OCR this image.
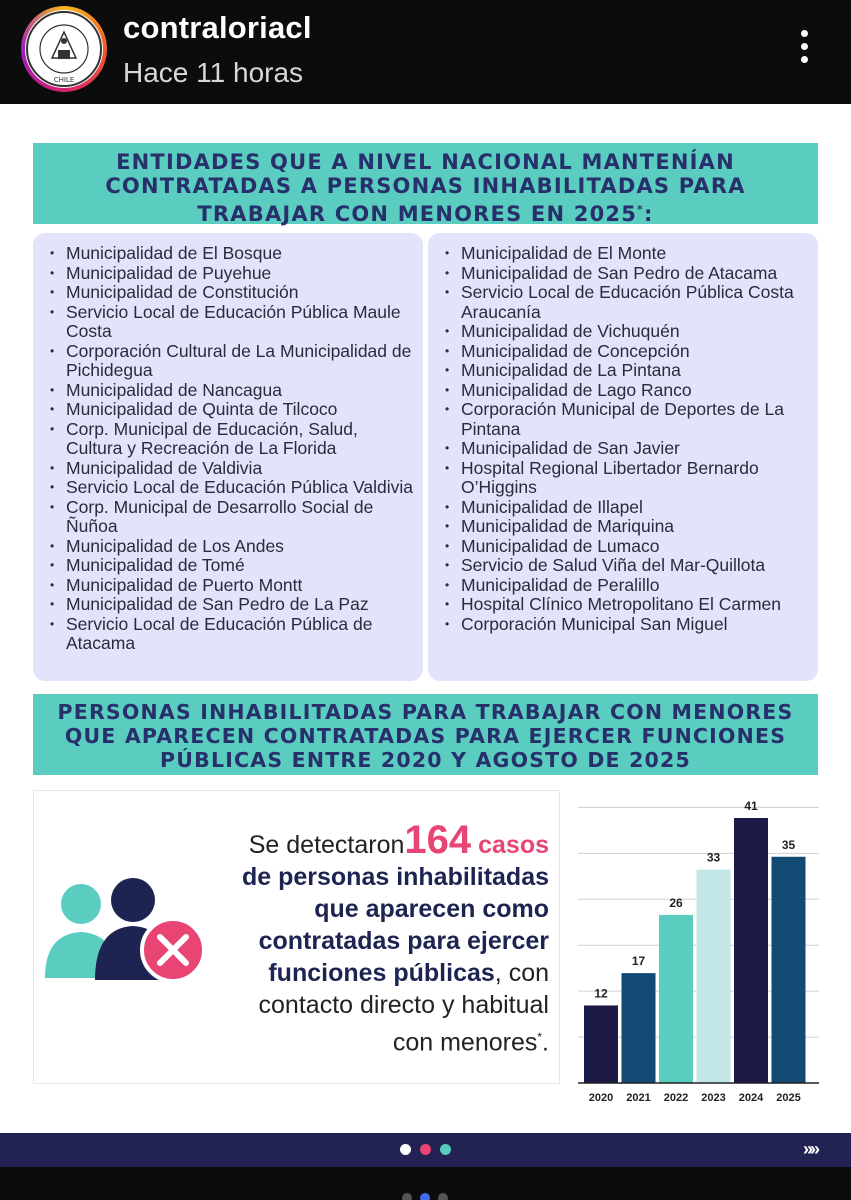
CHILE
contraloriacl
Hace 11 horas
ENTIDADES QUE A NIVEL NACIONAL MANTENÍAN
CONTRATADAS A PERSONAS INHABILITADAS PARA
TRABAJAR CON MENORES EN 2025*:
• Municipalidad de El Bosque
• Municipalidad de Puyehue
• Municipalidad de Constitución
• Servicio Local de Educación Pública Maule Costa
• Corporación Cultural de La Municipalidad de Pichidegua
• Municipalidad de Nancagua
• Municipalidad de Quinta de Tilcoco
• Corp. Municipal de Educación, Salud, Cultura y Recreación de La Florida
• Municipalidad de Valdivia
• Servicio Local de Educación Pública Valdivia
• Corp. Municipal de Desarrollo Social de Ñuñoa
• Municipalidad de Los Andes
• Municipalidad de Tomé
• Municipalidad de Puerto Montt
• Municipalidad de San Pedro de La Paz
• Servicio Local de Educación Pública de Atacama
• Municipalidad de El Monte
• Municipalidad de San Pedro de Atacama
• Servicio Local de Educación Pública Costa Araucanía
• Municipalidad de Vichuquén
• Municipalidad de Concepción
• Municipalidad de La Pintana
• Municipalidad de Lago Ranco
• Corporación Municipal de Deportes de La Pintana
• Municipalidad de San Javier
• Hospital Regional Libertador Bernardo O’Higgins
• Municipalidad de Illapel
• Municipalidad de Mariquina
• Municipalidad de Lumaco
• Servicio de Salud Viña del Mar-Quillota
• Municipalidad de Peralillo
• Hospital Clínico Metropolitano El Carmen
• Corporación Municipal San Miguel
PERSONAS INHABILITADAS PARA TRABAJAR CON MENORES
QUE APARECEN CONTRATADAS PARA EJERCER FUNCIONES
PÚBLICAS ENTRE 2020 Y AGOSTO DE 2025
Se detectaron164 casos
de personas inhabilitadas
que aparecen como
contratadas para ejercer
funciones públicas, con
contacto directo y habitual
con menores*.
12
2020
17
2021
26
2022
33
2023
41
2024
35
2025
»»
